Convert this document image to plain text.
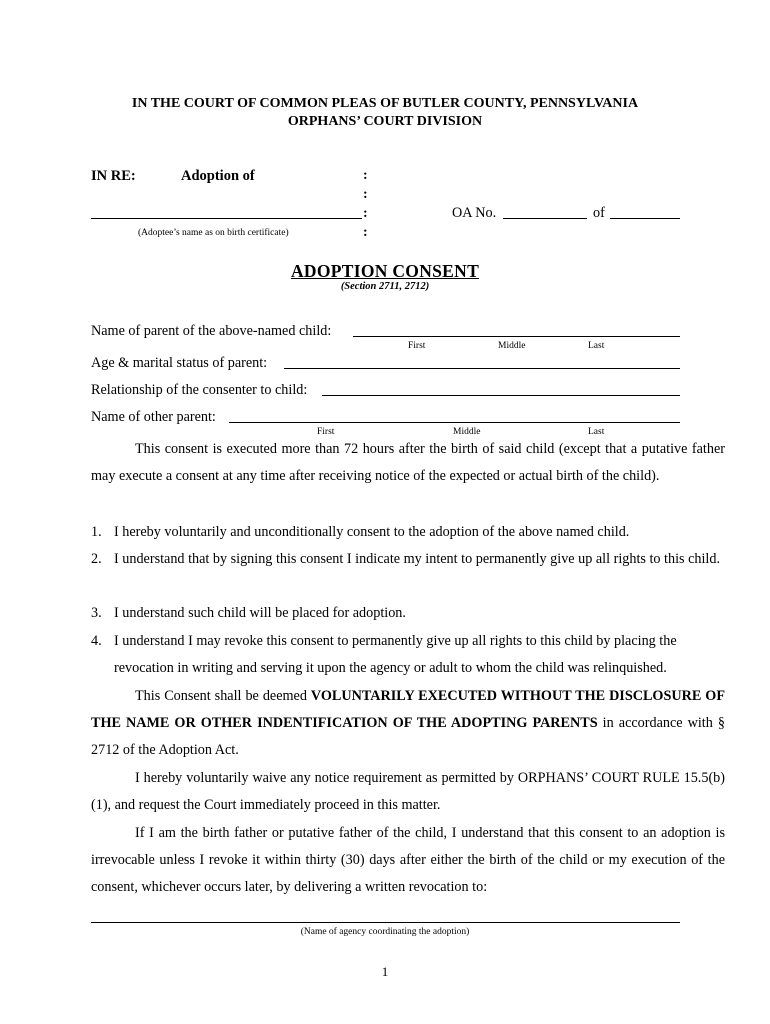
IN THE COURT OF COMMON PLEAS OF BUTLER COUNTY, PENNSYLVANIA
ORPHANS’ COURT DIVISION
IN RE:	Adoption of	:
:
:
:
(Adoptee’s name as on birth certificate)
OA No.	of
ADOPTION CONSENT
(Section 2711, 2712)
Name of parent of the above-named child:
First	Middle	Last
Age & marital status of parent:
Relationship of the consenter to child:
Name of other parent:
First	Middle	Last

This consent is executed more than 72 hours after the birth of said child (except that a putative father may execute a consent at any time after receiving notice of the expected or actual birth of the child).

1. I hereby voluntarily and unconditionally consent to the adoption of the above named child.
2. I understand that by signing this consent I indicate my intent to permanently give up all rights to this child.
3. I understand such child will be placed for adoption.
4. I understand I may revoke this consent to permanently give up all rights to this child by placing the revocation in writing and serving it upon the agency or adult to whom the child was relinquished.

This Consent shall be deemed VOLUNTARILY EXECUTED WITHOUT THE DISCLOSURE OF THE NAME OR OTHER INDENTIFICATION OF THE ADOPTING PARENTS in accordance with § 2712 of the Adoption Act.

I hereby voluntarily waive any notice requirement as permitted by ORPHANS’ COURT RULE 15.5(b)(1), and request the Court immediately proceed in this matter.

If I am the birth father or putative father of the child, I understand that this consent to an adoption is irrevocable unless I revoke it within thirty (30) days after either the birth of the child or my execution of the consent, whichever occurs later, by delivering a written revocation to:

(Name of agency coordinating the adoption)
1
